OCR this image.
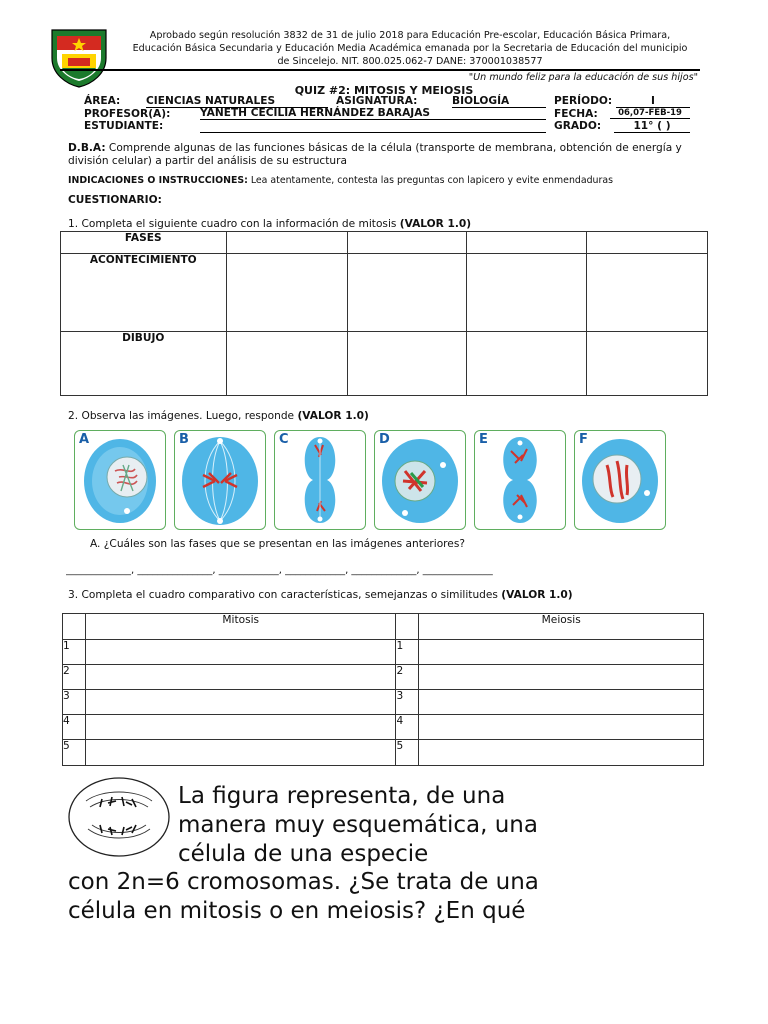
GIMNASIO
Aprobado según resolución 3832 de 31 de julio 2018 para Educación Pre-escolar, Educación Básica Primara,
Educación Básica Secundaria y Educación Media Académica emanada por la Secretaria de Educación del municipio
de Sincelejo. NIT. 800.025.062-7 DANE: 370001038577
"Un mundo feliz para la educación de sus hijos"
QUIZ #2: MITOSIS Y MEIOSIS
ÁREA: CIENCIAS NATURALES	ASIGNATURA:	BIOLOGÍA	PERÍODO:	I
PROFESOR(A):	YANETH CECILIA HERNÁNDEZ BARAJAS	FECHA:	06,07-FEB-19
ESTUDIANTE:	GRADO:	11° ( )
D.B.A: Comprende algunas de las funciones básicas de la célula (transporte de membrana, obtención de energía y división celular) a partir del análisis de su estructura
INDICACIONES O INSTRUCCIONES: Lea atentamente, contesta las preguntas con lapicero y evite enmendaduras
CUESTIONARIO:
1. Completa el siguiente cuadro con la información de mitosis (VALOR 1.0)
FASES				
ACONTECIMIENTO				
DIBUJO				
2. Observa las imágenes. Luego, responde (VALOR 1.0)
A	B	C	D	E	F
A. ¿Cuáles son las fases que se presentan en las imágenes anteriores?
_____________, _______________, ____________, ____________, _____________, ______________
3. Completa el cuadro comparativo con características, semejanzas o similitudes (VALOR 1.0)
	Mitosis		Meiosis
1		1	
2		2	
3		3	
4		4	
5		5	
La figura representa, de una
manera muy esquemática, una
célula de una especie
con 2n=6 cromosomas. ¿Se trata de una
célula en mitosis o en meiosis? ¿En qué
